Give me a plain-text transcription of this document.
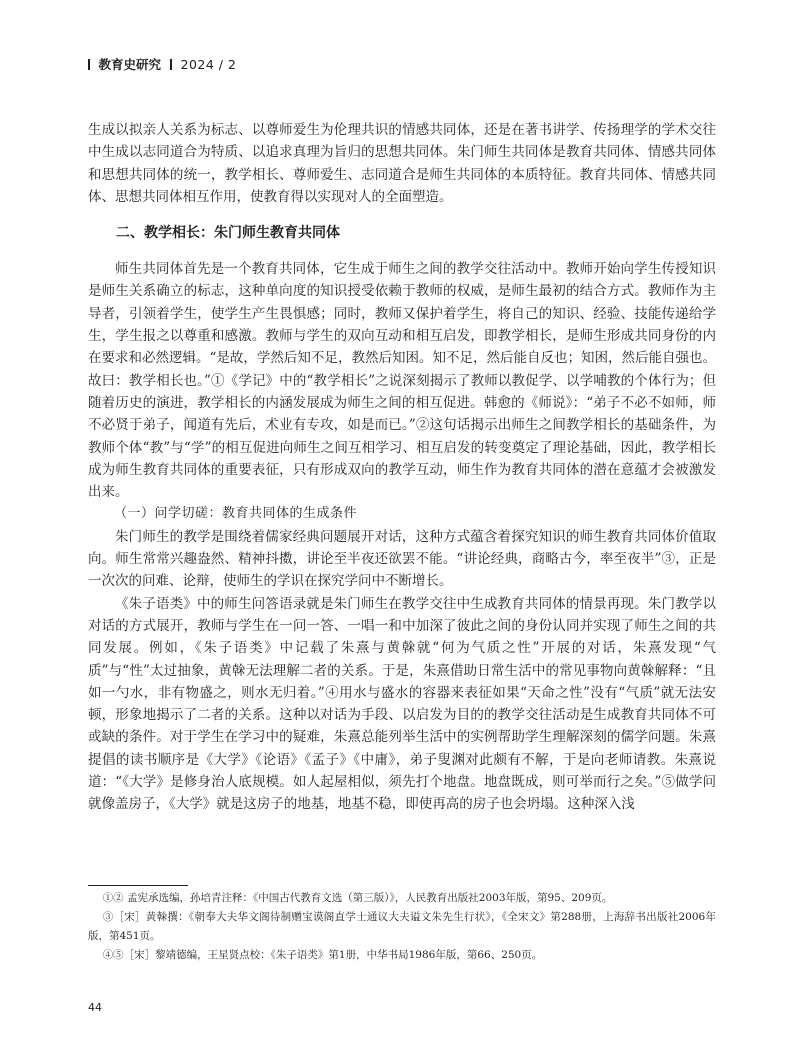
教育史研究 2024 / 2

生成以拟亲人关系为标志、以尊师爱生为伦理共识的情感共同体，还是在著书讲学、传扬理学的学术交往中生成以志同道合为特质、以追求真理为旨归的思想共同体。朱门师生共同体是教育共同体、情感共同体和思想共同体的统一，教学相长、尊师爱生、志同道合是师生共同体的本质特征。教育共同体、情感共同体、思想共同体相互作用，使教育得以实现对人的全面塑造。

二、教学相长：朱门师生教育共同体

师生共同体首先是一个教育共同体，它生成于师生之间的教学交往活动中。教师开始向学生传授知识是师生关系确立的标志，这种单向度的知识授受依赖于教师的权威，是师生最初的结合方式。教师作为主导者，引领着学生，使学生产生畏惧感；同时，教师又保护着学生，将自己的知识、经验、技能传递给学生，学生报之以尊重和感激。教师与学生的双向互动和相互启发，即教学相长，是师生形成共同身份的内在要求和必然逻辑。“是故，学然后知不足，教然后知困。知不足，然后能自反也；知困，然后能自强也。故曰：教学相长也。”①《学记》中的“教学相长”之说深刻揭示了教师以教促学、以学哺教的个体行为；但随着历史的演进，教学相长的内涵发展成为师生之间的相互促进。韩愈的《师说》：“弟子不必不如师，师不必贤于弟子，闻道有先后，术业有专攻，如是而已。”②这句话揭示出师生之间教学相长的基础条件，为教师个体“教”与“学”的相互促进向师生之间互相学习、相互启发的转变奠定了理论基础，因此，教学相长成为师生教育共同体的重要表征，只有形成双向的教学互动，师生作为教育共同体的潜在意蕴才会被激发出来。

（一）问学切磋：教育共同体的生成条件

朱门师生的教学是围绕着儒家经典问题展开对话，这种方式蕴含着探究知识的师生教育共同体价值取向。师生常常兴趣盎然、精神抖擞，讲论至半夜还欲罢不能。“讲论经典，商略古今，率至夜半”③，正是一次次的问难、论辩，使师生的学识在探究学问中不断增长。

《朱子语类》中的师生问答语录就是朱门师生在教学交往中生成教育共同体的情景再现。朱门教学以对话的方式展开，教师与学生在一问一答、一唱一和中加深了彼此之间的身份认同并实现了师生之间的共同发展。例如，《朱子语类》中记载了朱熹与黄榦就“何为气质之性”开展的对话，朱熹发现“气质”与“性”太过抽象，黄榦无法理解二者的关系。于是，朱熹借助日常生活中的常见事物向黄榦解释：“且如一勺水，非有物盛之，则水无归着。”④用水与盛水的容器来表征如果“天命之性”没有“气质”就无法安顿，形象地揭示了二者的关系。这种以对话为手段、以启发为目的的教学交往活动是生成教育共同体不可或缺的条件。对于学生在学习中的疑难，朱熹总能列举生活中的实例帮助学生理解深刻的儒学问题。朱熹提倡的读书顺序是《大学》《论语》《孟子》《中庸》，弟子叟渊对此颇有不解，于是向老师请教。朱熹说道：“《大学》是修身治人底规模。如人起屋相似，须先打个地盘。地盘既成，则可举而行之矣。”⑤做学问就像盖房子，《大学》就是这房子的地基，地基不稳，即使再高的房子也会坍塌。这种深入浅

①② 孟宪承选编，孙培青注释：《中国古代教育文选（第三版）》，人民教育出版社2003年版，第95、209页。

③［宋］黄榦撰：《朝奉大夫华文阁待制赠宝谟阁直学士通议大夫谥文朱先生行状》，《全宋文》第288册，上海辞书出版社2006年版，第451页。

④⑤［宋］黎靖德编，王星贤点校：《朱子语类》第1册，中华书局1986年版，第66、250页。

44
